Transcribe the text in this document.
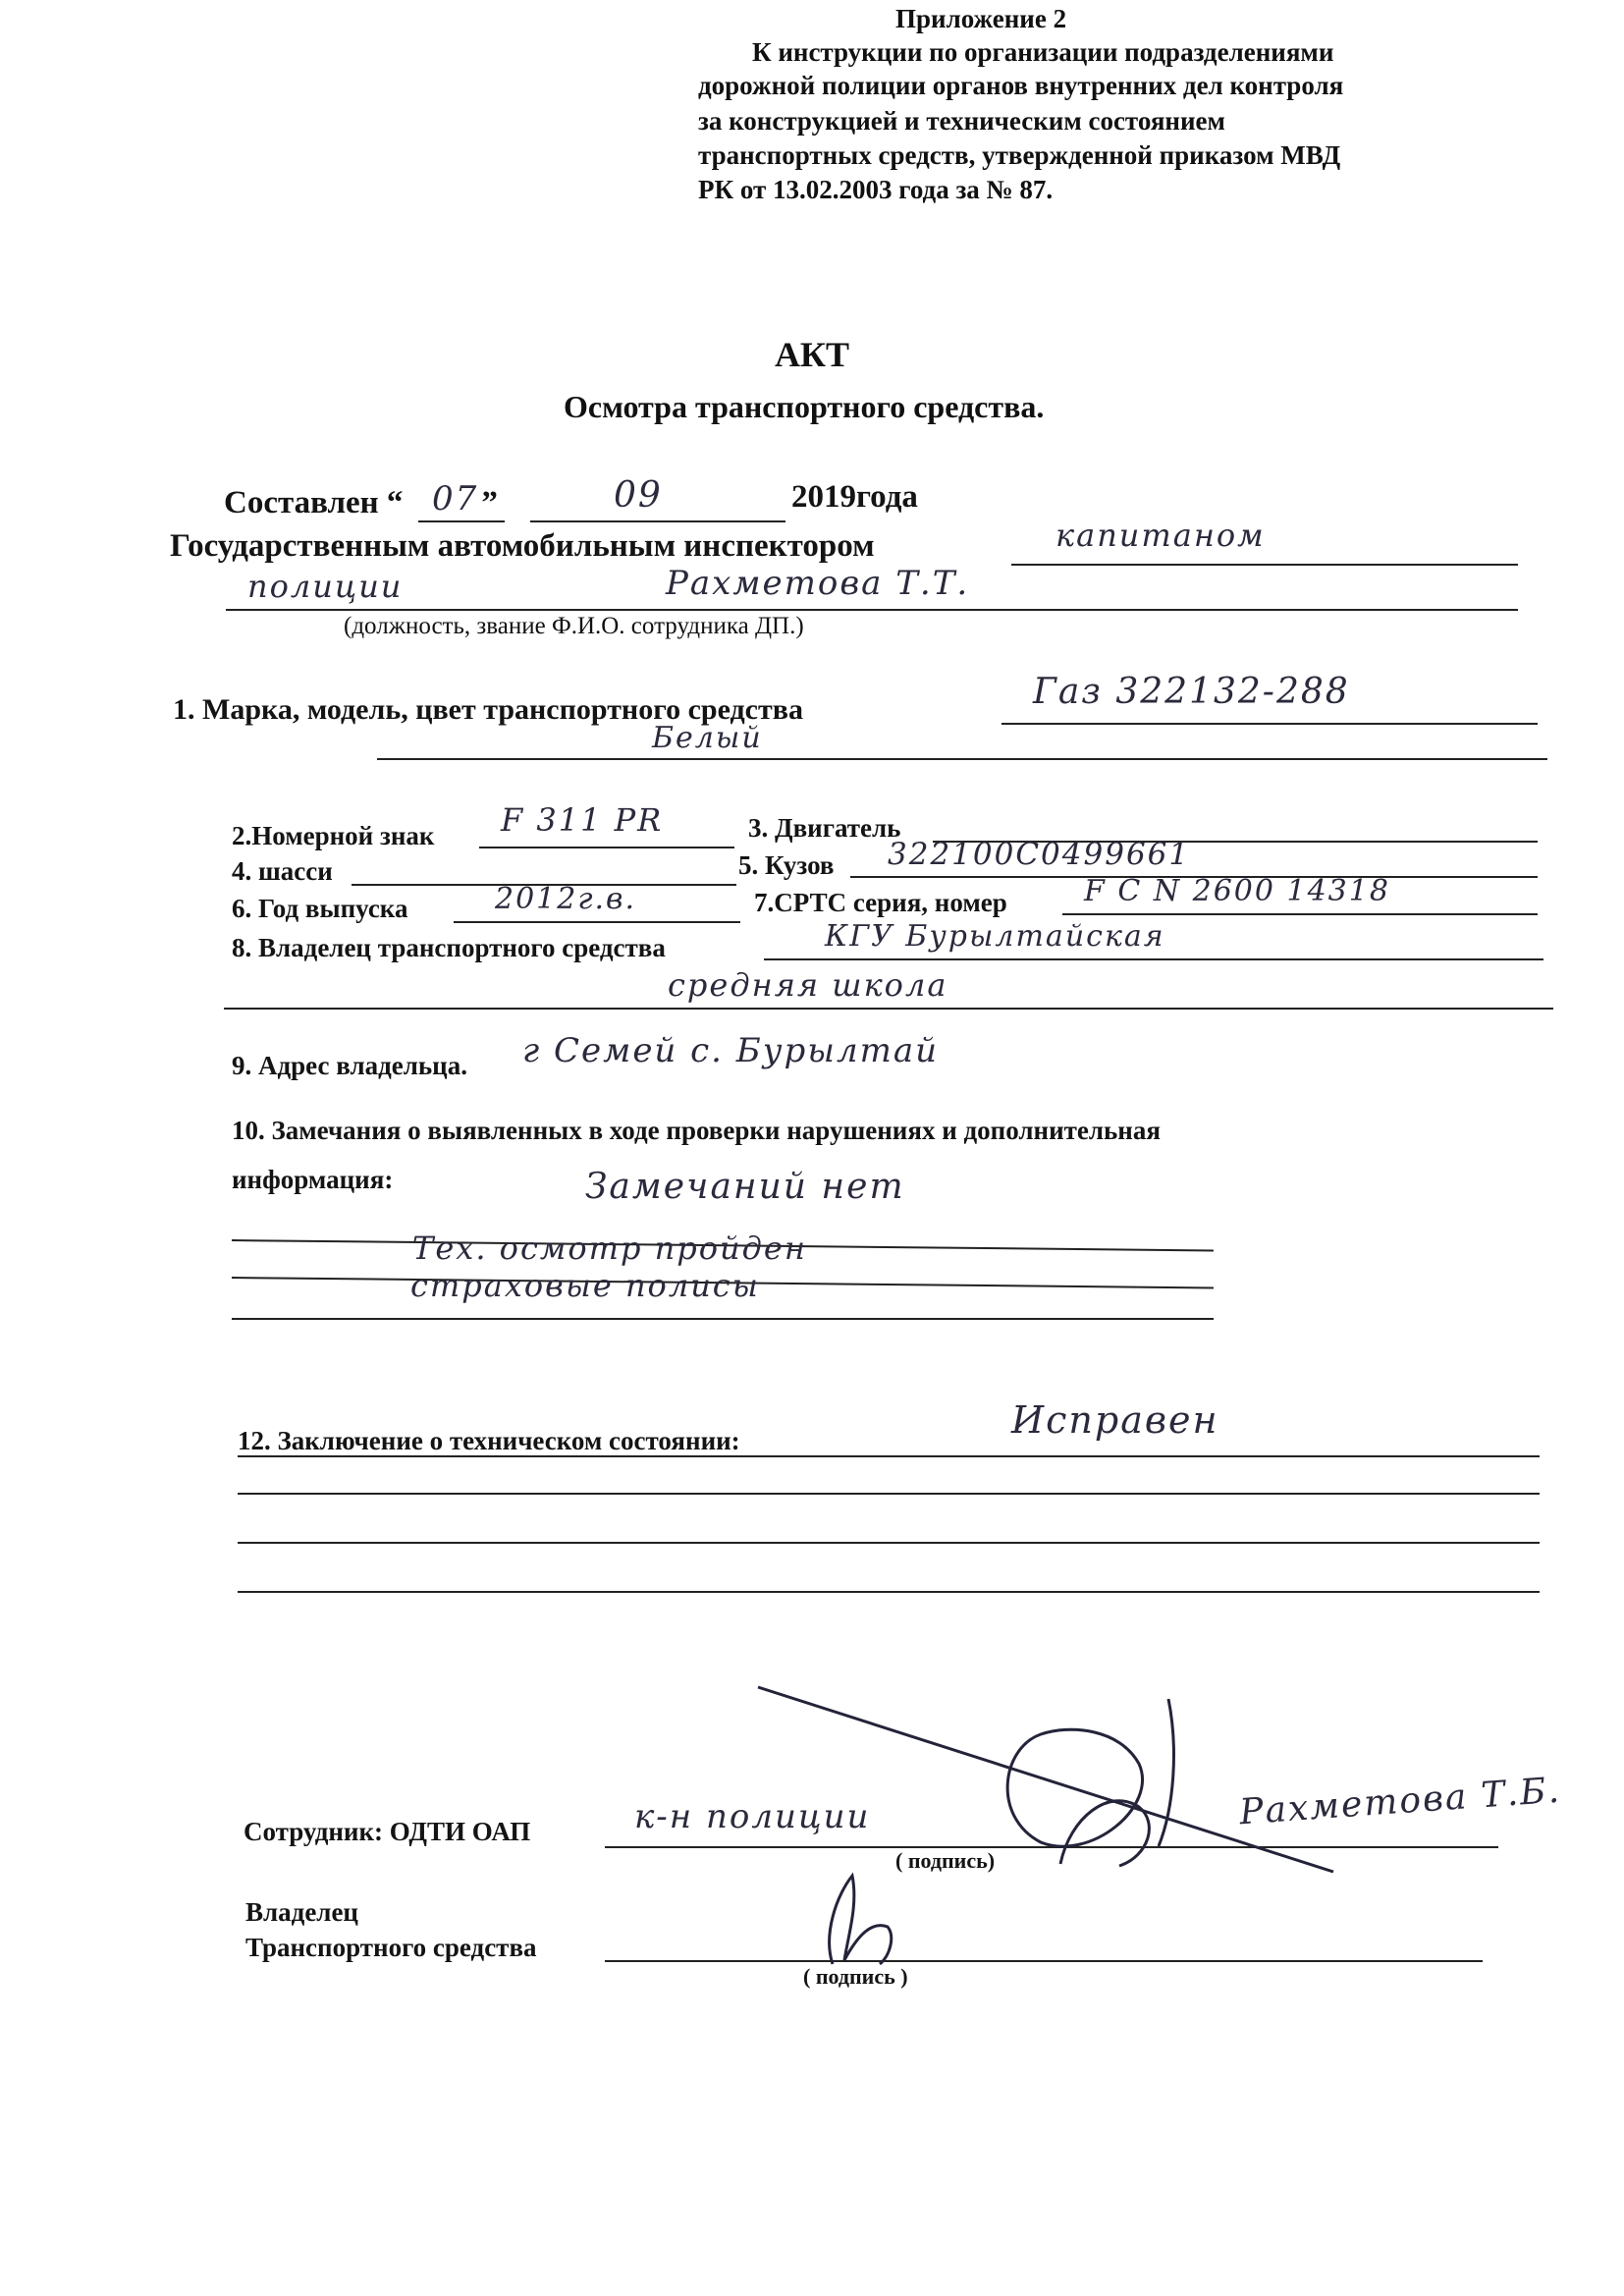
Приложение 2
К инструкции по организации подразделениями
дорожной полиции органов внутренних дел контроля
за конструкцией и техническим состоянием
транспортных средств, утвержденной приказом МВД
РК от 13.02.2003 года за № 87.
АКТ
Осмотра транспортного средства.
Составлен “ ”
07	09	2019года
Государственным автомобильным инспектором	капитаном
полиции	Рахметова Т.Т.
(должность, звание Ф.И.О. сотрудника ДП.)
1. Марка, модель, цвет транспортного средства	Газ 322132-288
Белый
2.Номерной знак F 311 PR	3. Двигатель
4. шасси	5. Кузов 322100С0499661
6. Год выпуска	2012г.в.	7.СРТС серия, номер	F C N 2600 14318
8. Владелец транспортного средства	КГУ Бурылтайская
средняя школа
9. Адрес владельца. г Семей с. Бурылтай
10. Замечания о выявленных в ходе проверки нарушениях и дополнительная
информация:	Замечаний нет
Тех. осмотр пройден
страховые полисы
12. Заключение о техническом состоянии:	Исправен
Сотрудник: ОДТИ ОАП	к-н полиции	Рахметова Т.Б.
( подпись)
Владелец
Транспортного средства
( подпись )
